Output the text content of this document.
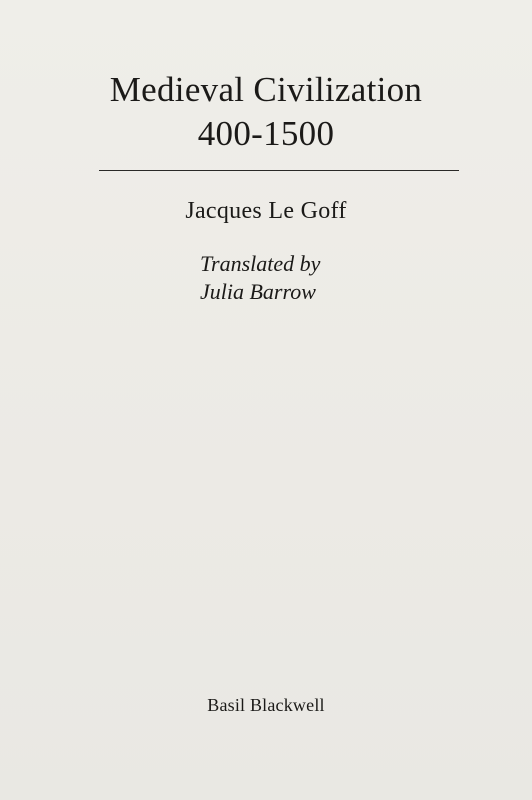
Medieval Civilization
400-1500
Jacques Le Goff
Translated by
Julia Barrow
Basil Blackwell
